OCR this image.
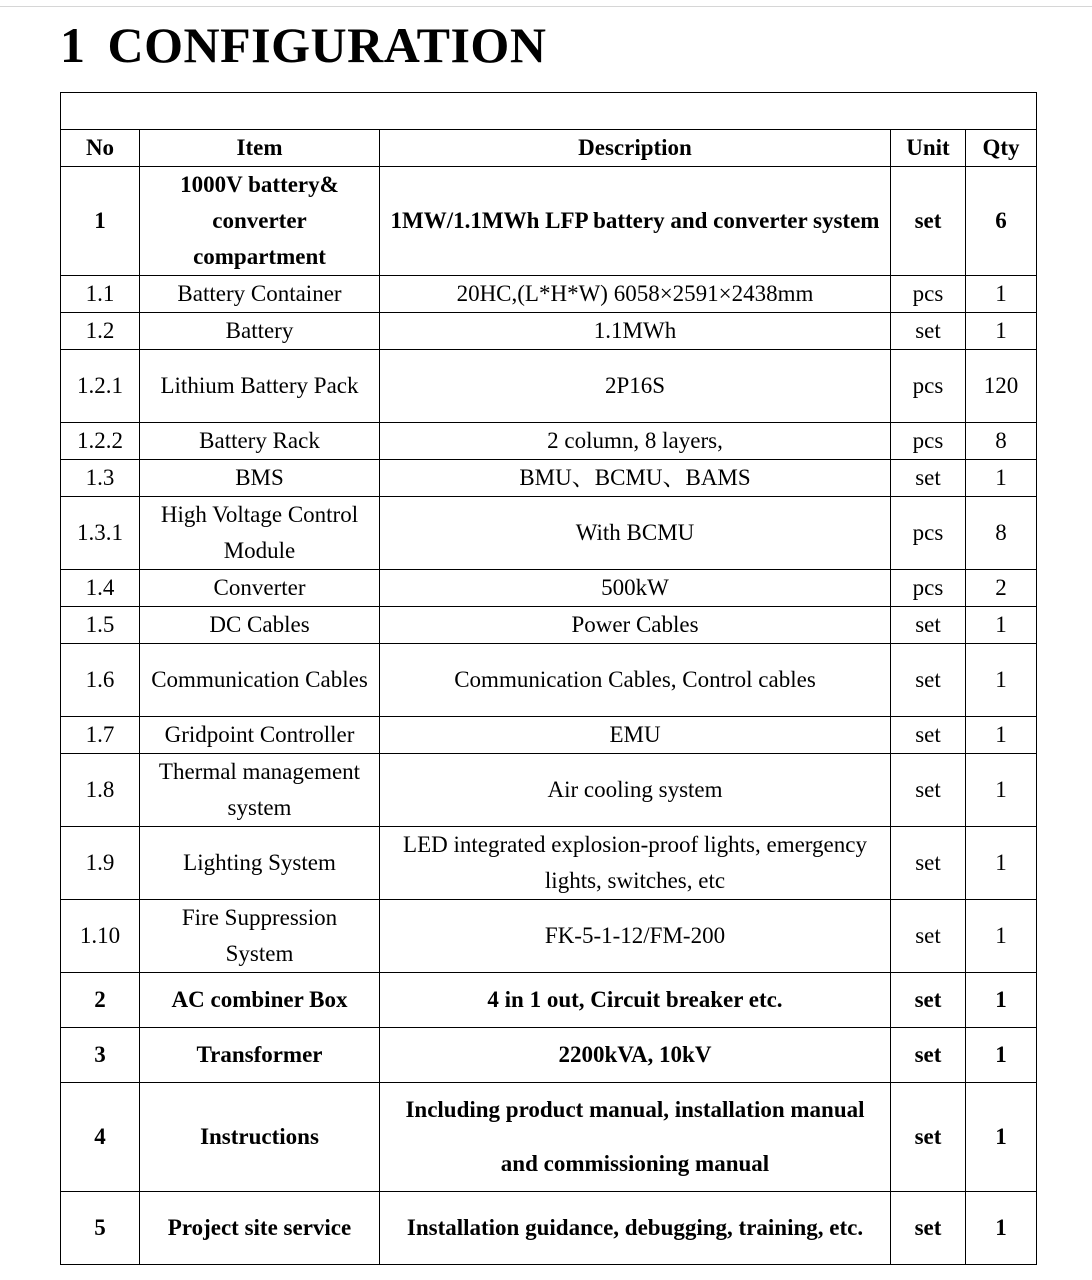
1 CONFIGURATION

No	Item	Description	Unit	Qty
1	1000V battery& converter compartment	1MW/1.1MWh LFP battery and converter system	set	6
1.1	Battery Container	20HC,(L*H*W) 6058×2591×2438mm	pcs	1
1.2	Battery	1.1MWh	set	1
1.2.1	Lithium Battery Pack	2P16S	pcs	120
1.2.2	Battery Rack	2 column, 8 layers,	pcs	8
1.3	BMS	BMU、BCMU、BAMS	set	1
1.3.1	High Voltage Control Module	With BCMU	pcs	8
1.4	Converter	500kW	pcs	2
1.5	DC Cables	Power Cables	set	1
1.6	Communication Cables	Communication Cables, Control cables	set	1
1.7	Gridpoint Controller	EMU	set	1
1.8	Thermal management system	Air cooling system	set	1
1.9	Lighting System	LED integrated explosion-proof lights, emergency lights, switches, etc	set	1
1.10	Fire Suppression System	FK-5-1-12/FM-200	set	1
2	AC combiner Box	4 in 1 out, Circuit breaker etc.	set	1
3	Transformer	2200kVA, 10kV	set	1
4	Instructions	Including product manual, installation manual and commissioning manual	set	1
5	Project site service	Installation guidance, debugging, training, etc.	set	1
